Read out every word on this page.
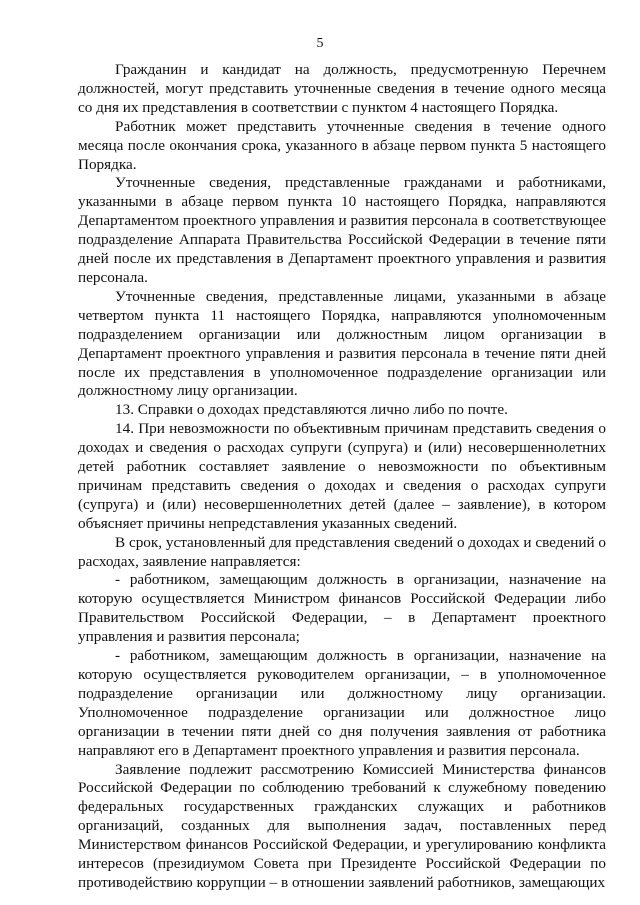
5

Гражданин и кандидат на должность, предусмотренную Перечнем должностей, могут представить уточненные сведения в течение одного месяца со дня их представления в соответствии с пунктом 4 настоящего Порядка.

Работник может представить уточненные сведения в течение одного месяца после окончания срока, указанного в абзаце первом пункта 5 настоящего Порядка.

Уточненные сведения, представленные гражданами и работниками, указанными в абзаце первом пункта 10 настоящего Порядка, направляются Департаментом проектного управления и развития персонала в соответствующее подразделение Аппарата Правительства Российской Федерации в течение пяти дней после их представления в Департамент проектного управления и развития персонала.

Уточненные сведения, представленные лицами, указанными в абзаце четвертом пункта 11 настоящего Порядка, направляются уполномоченным подразделением организации или должностным лицом организации в Департамент проектного управления и развития персонала в течение пяти дней после их представления в уполномоченное подразделение организации или должностному лицу организации.

13. Справки о доходах представляются лично либо по почте.

14. При невозможности по объективным причинам представить сведения о доходах и сведения о расходах супруги (супруга) и (или) несовершеннолетних детей работник составляет заявление о невозможности по объективным причинам представить сведения о доходах и сведения о расходах супруги (супруга) и (или) несовершеннолетних детей (далее – заявление), в котором объясняет причины непредставления указанных сведений.

В срок, установленный для представления сведений о доходах и сведений о расходах, заявление направляется:

- работником, замещающим должность в организации, назначение на которую осуществляется Министром финансов Российской Федерации либо Правительством Российской Федерации, – в Департамент проектного управления и развития персонала;

- работником, замещающим должность в организации, назначение на которую осуществляется руководителем организации, – в уполномоченное подразделение организации или должностному лицу организации. Уполномоченное подразделение организации или должностное лицо организации в течении пяти дней со дня получения заявления от работника направляют его в Департамент проектного управления и развития персонала.

Заявление подлежит рассмотрению Комиссией Министерства финансов Российской Федерации по соблюдению требований к служебному поведению федеральных государственных гражданских служащих и работников организаций, созданных для выполнения задач, поставленных перед Министерством финансов Российской Федерации, и урегулированию конфликта интересов (президиумом Совета при Президенте Российской Федерации по противодействию коррупции – в отношении заявлений работников, замещающих
